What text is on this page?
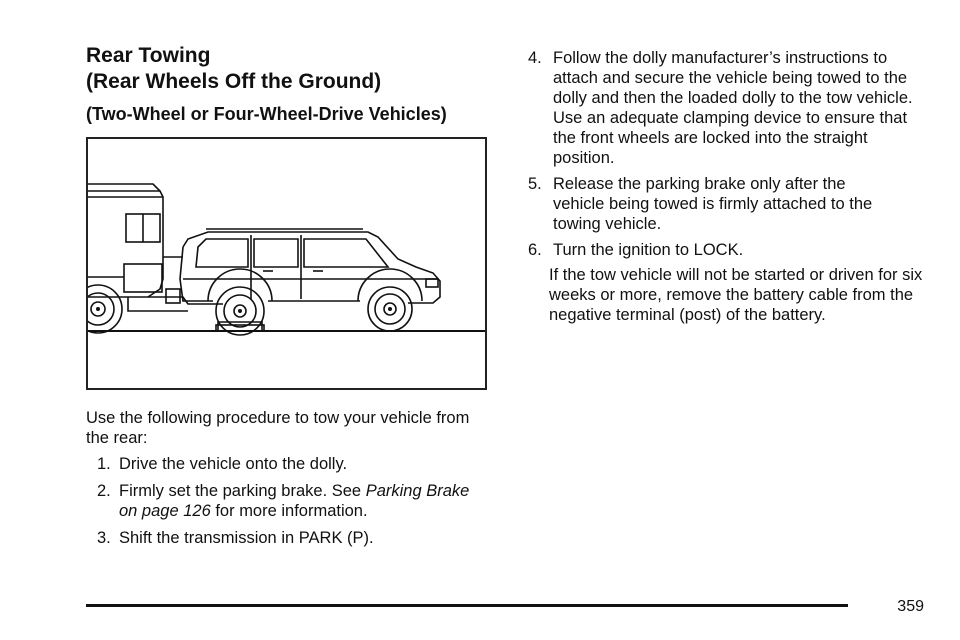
Rear Towing
(Rear Wheels Off the Ground)
(Two-Wheel or Four-Wheel-Drive Vehicles)
Use the following procedure to tow your vehicle from the rear:
1. Drive the vehicle onto the dolly.
2. Firmly set the parking brake. See Parking Brake on page 126 for more information.
3. Shift the transmission in PARK (P).
4. Follow the dolly manufacturer’s instructions to attach and secure the vehicle being towed to the dolly and then the loaded dolly to the tow vehicle. Use an adequate clamping device to ensure that the front wheels are locked into the straight position.
5. Release the parking brake only after the vehicle being towed is firmly attached to the towing vehicle.
6. Turn the ignition to LOCK.
If the tow vehicle will not be started or driven for six weeks or more, remove the battery cable from the negative terminal (post) of the battery.
359
